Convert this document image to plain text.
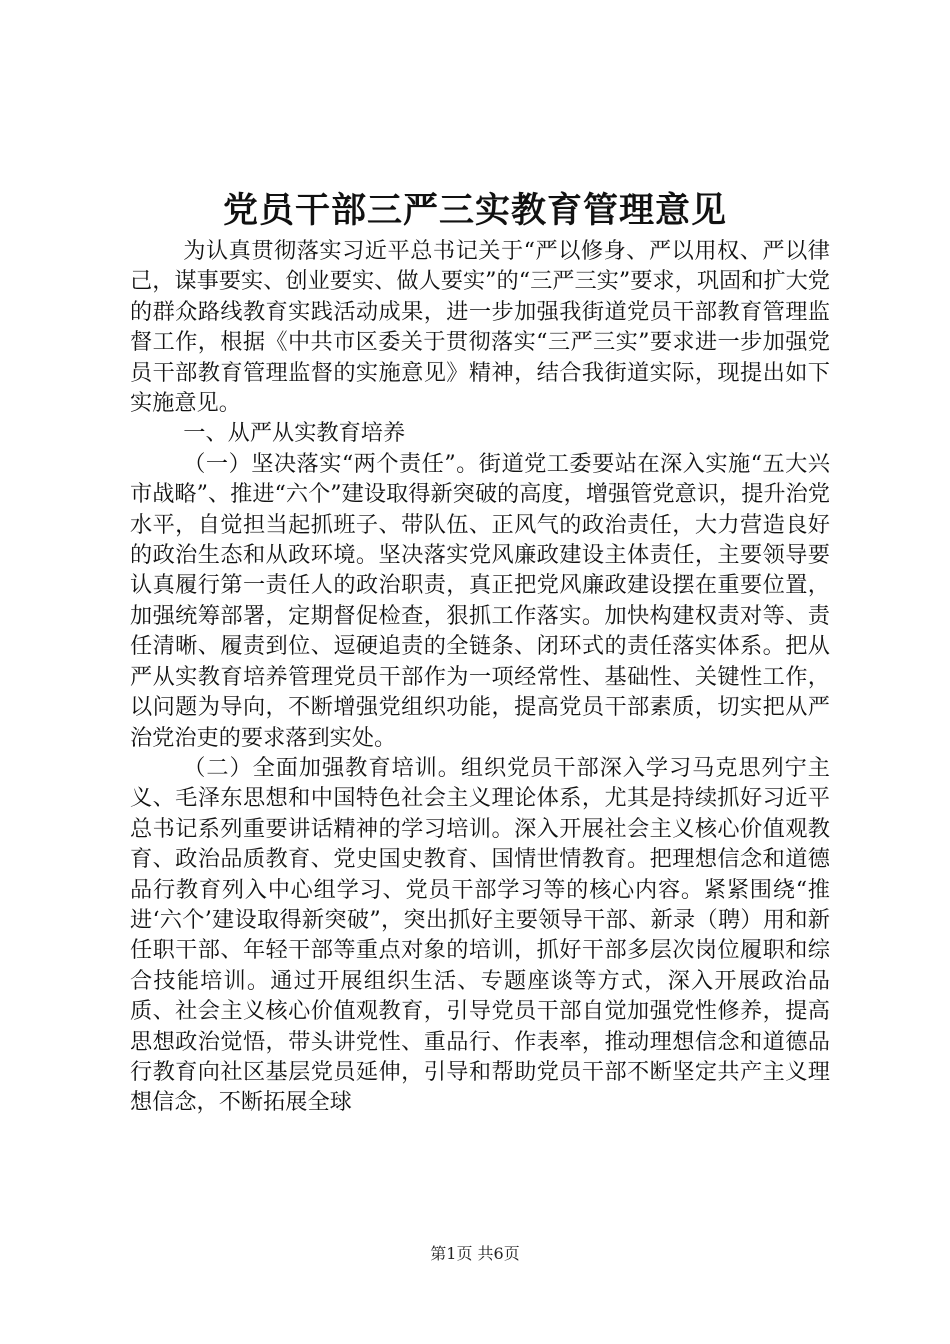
党员干部三严三实教育管理意见

为认真贯彻落实习近平总书记关于“严以修身、严以用权、严以律己，谋事要实、创业要实、做人要实”的“三严三实”要求，巩固和扩大党的群众路线教育实践活动成果，进一步加强我街道党员干部教育管理监督工作，根据《中共市区委关于贯彻落实“三严三实”要求进一步加强党员干部教育管理监督的实施意见》精神，结合我街道实际，现提出如下实施意见。

一、从严从实教育培养

（一）坚决落实“两个责任”。街道党工委要站在深入实施“五大兴市战略”、推进“六个”建设取得新突破的高度，增强管党意识，提升治党水平，自觉担当起抓班子、带队伍、正风气的政治责任，大力营造良好的政治生态和从政环境。坚决落实党风廉政建设主体责任，主要领导要认真履行第一责任人的政治职责，真正把党风廉政建设摆在重要位置，加强统筹部署，定期督促检查，狠抓工作落实。加快构建权责对等、责任清晰、履责到位、逗硬追责的全链条、闭环式的责任落实体系。把从严从实教育培养管理党员干部作为一项经常性、基础性、关键性工作，以问题为导向，不断增强党组织功能，提高党员干部素质，切实把从严治党治吏的要求落到实处。

（二）全面加强教育培训。组织党员干部深入学习马克思列宁主义、毛泽东思想和中国特色社会主义理论体系，尤其是持续抓好习近平总书记系列重要讲话精神的学习培训。深入开展社会主义核心价值观教育、政治品质教育、党史国史教育、国情世情教育。把理想信念和道德品行教育列入中心组学习、党员干部学习等的核心内容。紧紧围绕“推进‘六个’建设取得新突破”，突出抓好主要领导干部、新录（聘）用和新任职干部、年轻干部等重点对象的培训，抓好干部多层次岗位履职和综合技能培训。通过开展组织生活、专题座谈等方式，深入开展政治品质、社会主义核心价值观教育，引导党员干部自觉加强党性修养，提高思想政治觉悟，带头讲党性、重品行、作表率，推动理想信念和道德品行教育向社区基层党员延伸，引导和帮助党员干部不断坚定共产主义理想信念，不断拓展全球

第1页 共6页
